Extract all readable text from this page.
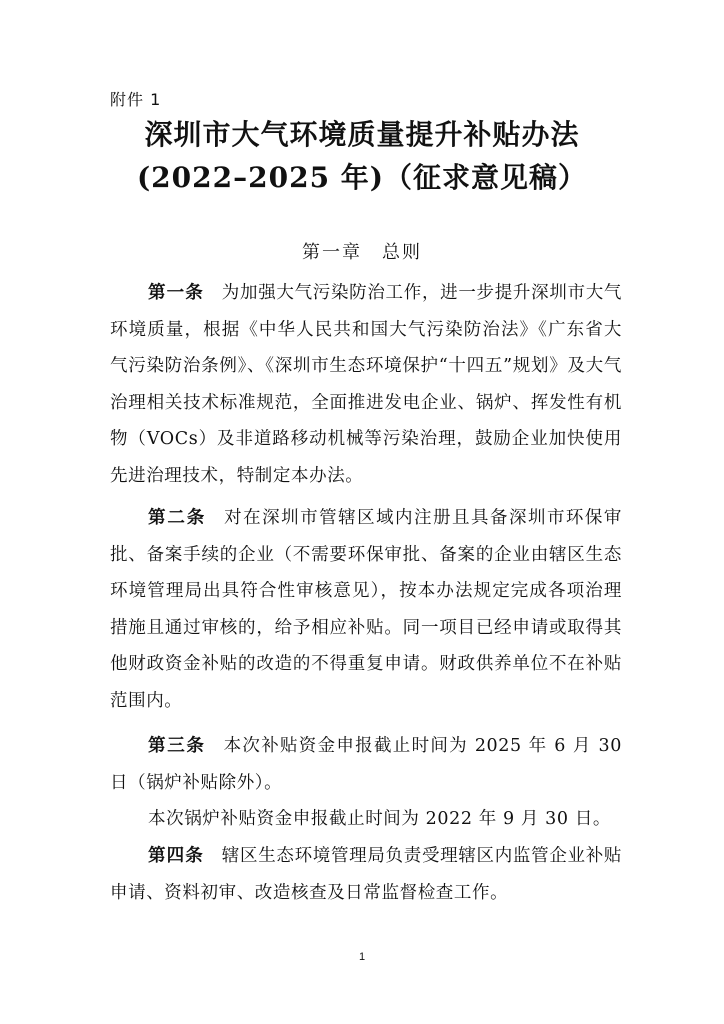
附件 1
深圳市大气环境质量提升补贴办法
(2022–2025 年)（征求意见稿）
第一章　总则

第一条 为加强大气污染防治工作，进一步提升深圳市大气环境质量，根据《中华人民共和国大气污染防治法》《广东省大气污染防治条例》、《深圳市生态环境保护“十四五”规划》及大气治理相关技术标准规范，全面推进发电企业、锅炉、挥发性有机物（VOCs）及非道路移动机械等污染治理，鼓励企业加快使用先进治理技术，特制定本办法。

第二条 对在深圳市管辖区域内注册且具备深圳市环保审批、备案手续的企业（不需要环保审批、备案的企业由辖区生态环境管理局出具符合性审核意见），按本办法规定完成各项治理措施且通过审核的，给予相应补贴。同一项目已经申请或取得其他财政资金补贴的改造的不得重复申请。财政供养单位不在补贴范围内。

第三条 本次补贴资金申报截止时间为 2025 年 6 月 30 日（锅炉补贴除外）。

本次锅炉补贴资金申报截止时间为 2022 年 9 月 30 日。

第四条 辖区生态环境管理局负责受理辖区内监管企业补贴申请、资料初审、改造核查及日常监督检查工作。

1
